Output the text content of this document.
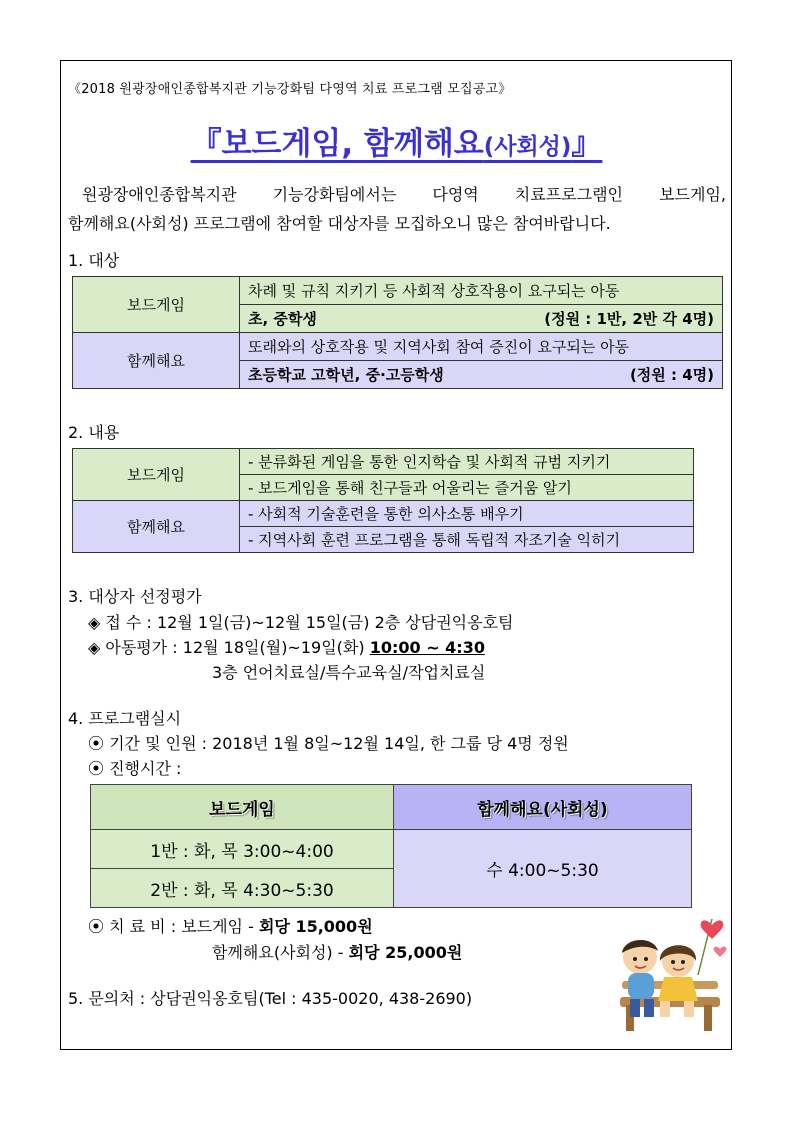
《2018 원광장애인종합복지관 기능강화팀 다영역 치료 프로그램 모집공고》
『보드게임, 함께해요(사회성)』

원광장애인종합복지관 기능강화팀에서는 다영역 치료프로그램인 보드게임,

함께해요(사회성) 프로그램에 참여할 대상자를 모집하오니 많은 참여바랍니다.

1. 대상
보드게임	차례 및 규칙 지키기 등 사회적 상호작용이 요구되는 아동

	초, 중학생 (정원 : 1반, 2반 각 4명)

함께해요	또래와의 상호작용 및 지역사회 참여 증진이 요구되는 아동

	초등학교 고학년, 중·고등학생 (정원 : 4명)
2. 내용
보드게임	- 분류화된 게임을 통한 인지학습 및 사회적 규범 지키기
	- 보드게임을 통해 친구들과 어울리는 즐거움 알기
함께해요	- 사회적 기술훈련을 통한 의사소통 배우기
	- 지역사회 훈련 프로그램을 통해 독립적 자조기술 익히기
3. 대상자 선정평가
◈ 접 수 : 12월 1일(금)~12월 15일(금) 2층 상담권익옹호팀
◈ 아동평가 : 12월 18일(월)~19일(화) 10:00 ~ 4:30
3층 언어치료실/특수교육실/작업치료실
4. 프로그램실시
⦿ 기간 및 인원 : 2018년 1월 8일~12월 14일, 한 그룹 당 4명 정원
⦿ 진행시간 :
보드게임	함께해요(사회성)
1반 : 화, 목 3:00~4:00	수 4:00~5:30
2반 : 화, 목 4:30~5:30	
⦿ 치 료 비 : 보드게임 - 회당 15,000원
함께해요(사회성) - 회당 25,000원
5. 문의처 : 상담권익옹호팀(Tel : 435-0020, 438-2690)
